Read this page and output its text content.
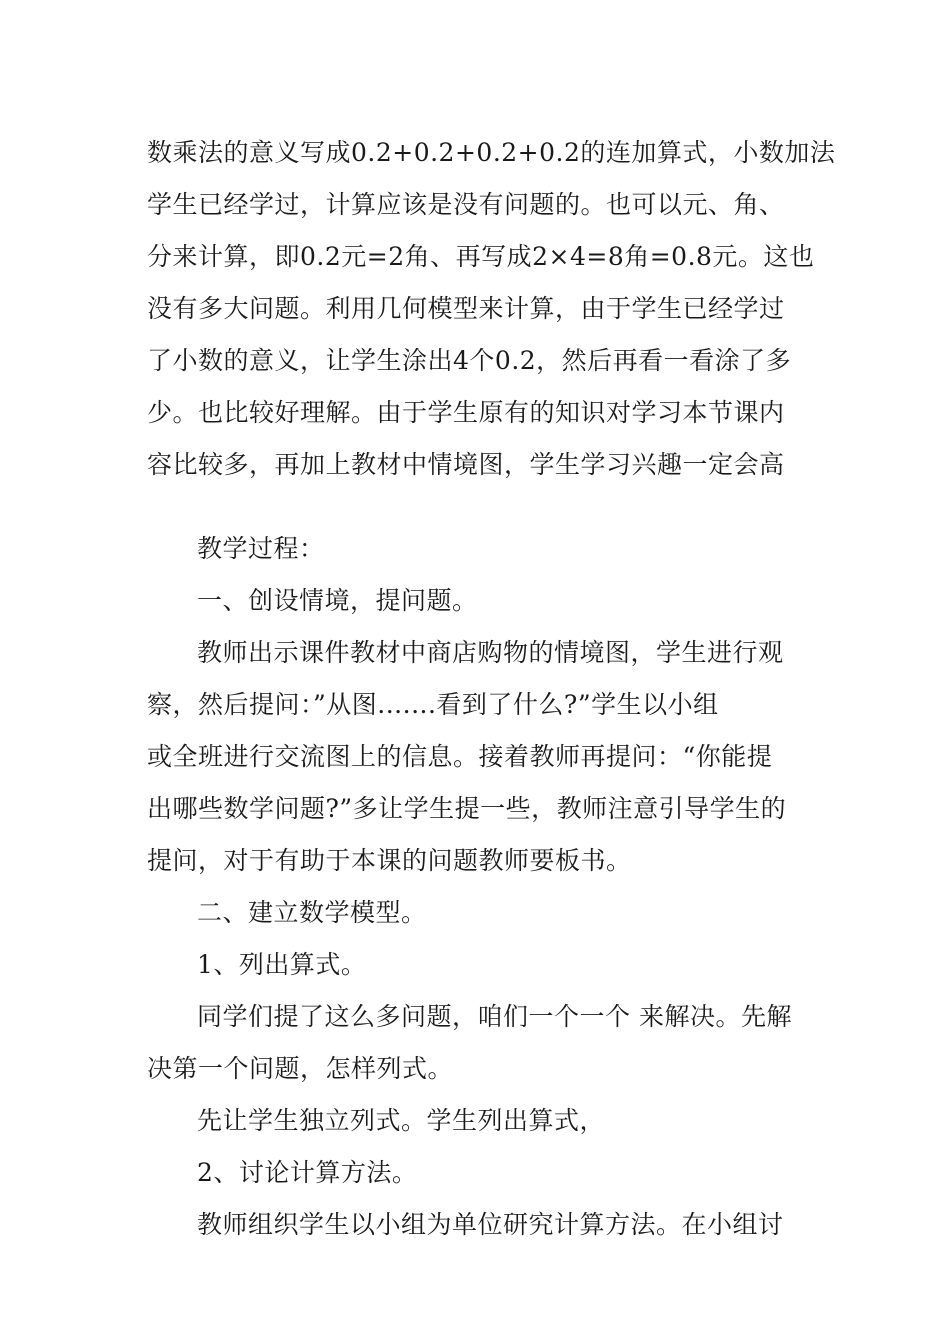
数乘法的意义写成0.2+0.2+0.2+0.2的连加算式，小数加法
学生已经学过，计算应该是没有问题的。也可以元、角、
分来计算，即0.2元=2角、再写成2×4=8角=0.8元。这也
没有多大问题。利用几何模型来计算，由于学生已经学过
了小数的意义，让学生涂出4个0.2，然后再看一看涂了多
少。也比较好理解。由于学生原有的知识对学习本节课内
容比较多，再加上教材中情境图，学生学习兴趣一定会高
教学过程：
一、创设情境，提问题。
教师出示课件教材中商店购物的情境图，学生进行观
察，然后提问：”从图.......看到了什么?”学生以小组
或全班进行交流图上的信息。接着教师再提问：“你能提
出哪些数学问题?”多让学生提一些，教师注意引导学生的
提问，对于有助于本课的问题教师要板书。
二、建立数学模型。
1、列出算式。
同学们提了这么多问题，咱们一个一个 来解决。先解
决第一个问题，怎样列式。
先让学生独立列式。学生列出算式，
2、讨论计算方法。
教师组织学生以小组为单位研究计算方法。在小组讨
